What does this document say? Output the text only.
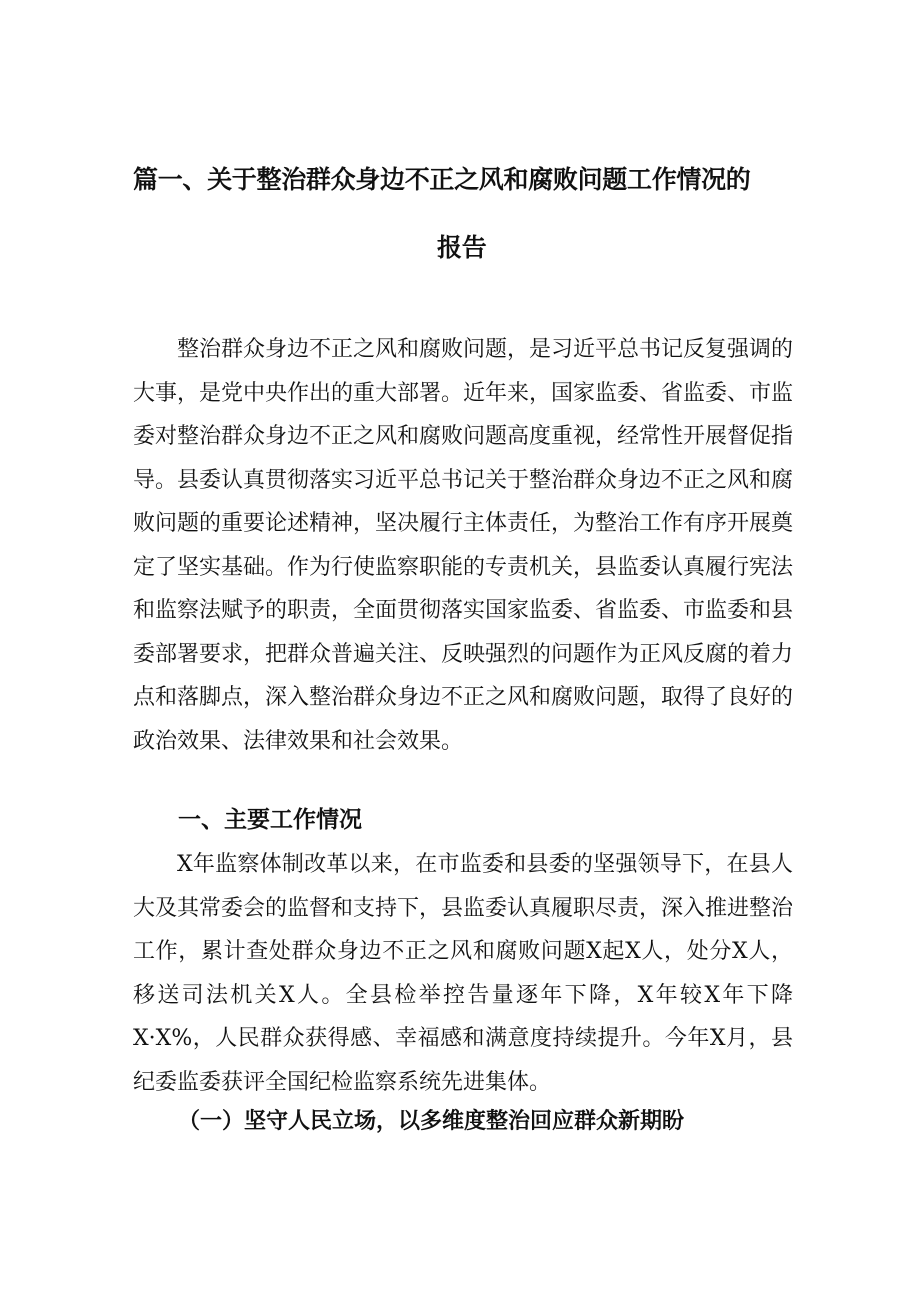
篇一、关于整治群众身边不正之风和腐败问题工作情况的
报告

整治群众身边不正之风和腐败问题，是习近平总书记反复强调的大事，是党中央作出的重大部署。近年来，国家监委、省监委、市监委对整治群众身边不正之风和腐败问题高度重视，经常性开展督促指导。县委认真贯彻落实习近平总书记关于整治群众身边不正之风和腐败问题的重要论述精神，坚决履行主体责任，为整治工作有序开展奠定了坚实基础。作为行使监察职能的专责机关，县监委认真履行宪法和监察法赋予的职责，全面贯彻落实国家监委、省监委、市监委和县委部署要求，把群众普遍关注、反映强烈的问题作为正风反腐的着力点和落脚点，深入整治群众身边不正之风和腐败问题，取得了良好的政治效果、法律效果和社会效果。

一、主要工作情况

X年监察体制改革以来，在市监委和县委的坚强领导下，在县人大及其常委会的监督和支持下，县监委认真履职尽责，深入推进整治工作，累计查处群众身边不正之风和腐败问题X起X人，处分X人，移送司法机关X人。全县检举控告量逐年下降，X年较X年下降X·X%，人民群众获得感、幸福感和满意度持续提升。今年X月，县纪委监委获评全国纪检监察系统先进集体。

（一）坚守人民立场，以多维度整治回应群众新期盼
